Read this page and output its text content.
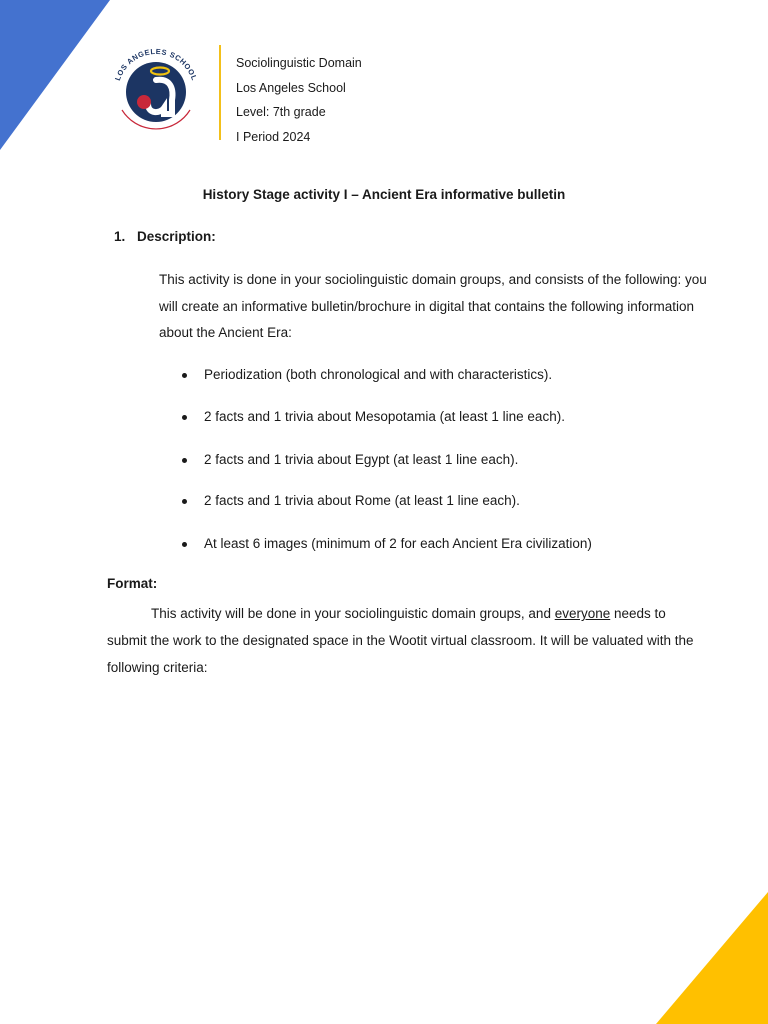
LOS ANGELES SCHOOL
Sociolinguistic Domain
Los Angeles School
Level: 7th grade
I Period 2024
History Stage activity I – Ancient Era informative bulletin
1. Description:
This activity is done in your sociolinguistic domain groups, and consists of the following: you
will create an informative bulletin/brochure in digital that contains the following information
about the Ancient Era:
Periodization (both chronological and with characteristics).
2 facts and 1 trivia about Mesopotamia (at least 1 line each).
2 facts and 1 trivia about Egypt (at least 1 line each).
2 facts and 1 trivia about Rome (at least 1 line each).
At least 6 images (minimum of 2 for each Ancient Era civilization)
Format:
This activity will be done in your sociolinguistic domain groups, and everyone needs to
submit the work to the designated space in the Wootit virtual classroom. It will be valuated with the
following criteria:
